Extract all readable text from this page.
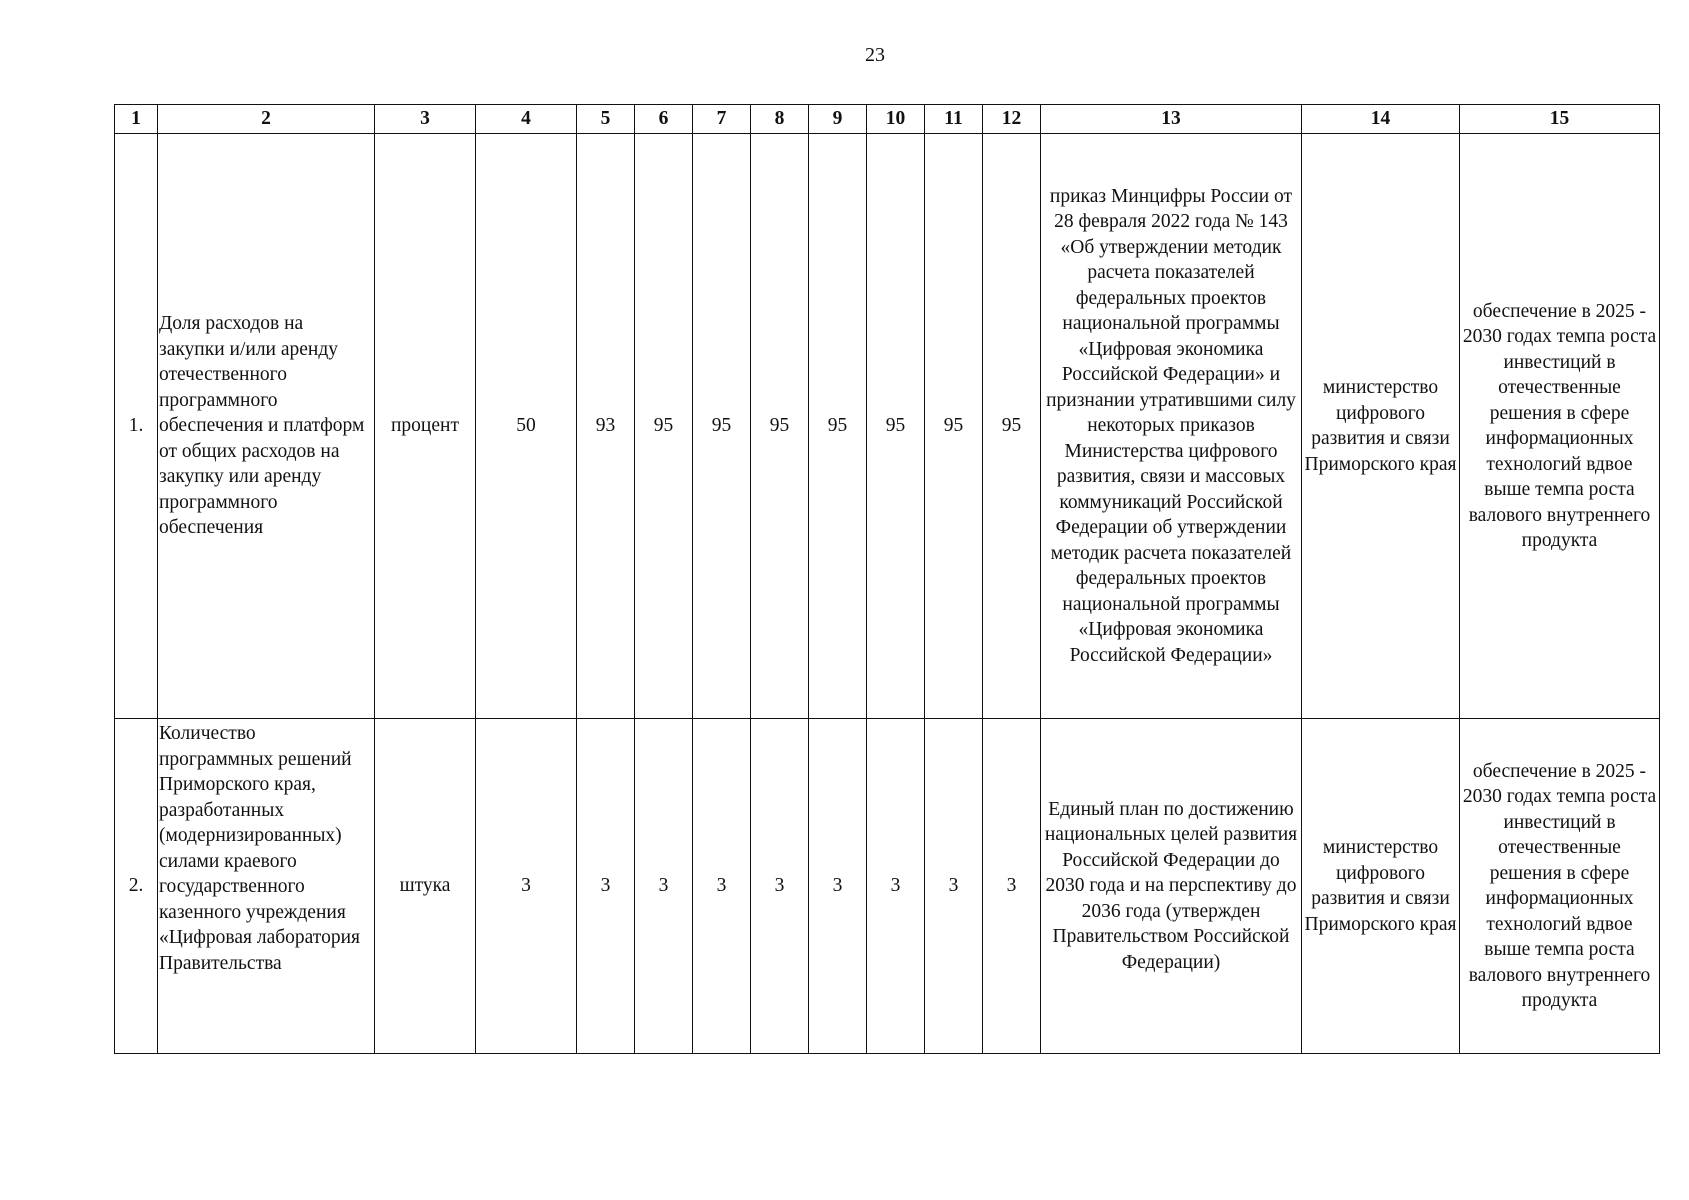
23
1	2	3	4	5	6	7	8	9	10	11	12	13	14	15
1.	Доля расходов на закупки и/или аренду отечественного программного обеспечения и платформ от общих расходов на закупку или аренду программного обеспечения	процент	50	93	95	95	95	95	95	95	95	приказ Минцифры России от 28 февраля 2022 года № 143 «Об утверждении методик расчета показателей федеральных проектов национальной программы «Цифровая экономика Российской Федерации» и признании утратившими силу некоторых приказов Министерства цифрового развития, связи и массовых коммуникаций Российской Федерации об утверждении методик расчета показателей федеральных проектов национальной программы «Цифровая экономика Российской Федерации»	министерство цифрового развития и связи Приморского края	обеспечение в 2025 - 2030 годах темпа роста инвестиций в отечественные решения в сфере информационных технологий вдвое выше темпа роста валового внутреннего продукта
2.	Количество программных решений Приморского края, разработанных (модернизированных) силами краевого государственного казенного учреждения «Цифровая лаборатория Правительства	штука	3	3	3	3	3	3	3	3	3	Единый план по достижению национальных целей развития Российской Федерации до 2030 года и на перспективу до 2036 года (утвержден Правительством Российской Федерации)	министерство цифрового развития и связи Приморского края	обеспечение в 2025 - 2030 годах темпа роста инвестиций в отечественные решения в сфере информационных технологий вдвое выше темпа роста валового внутреннего продукта
